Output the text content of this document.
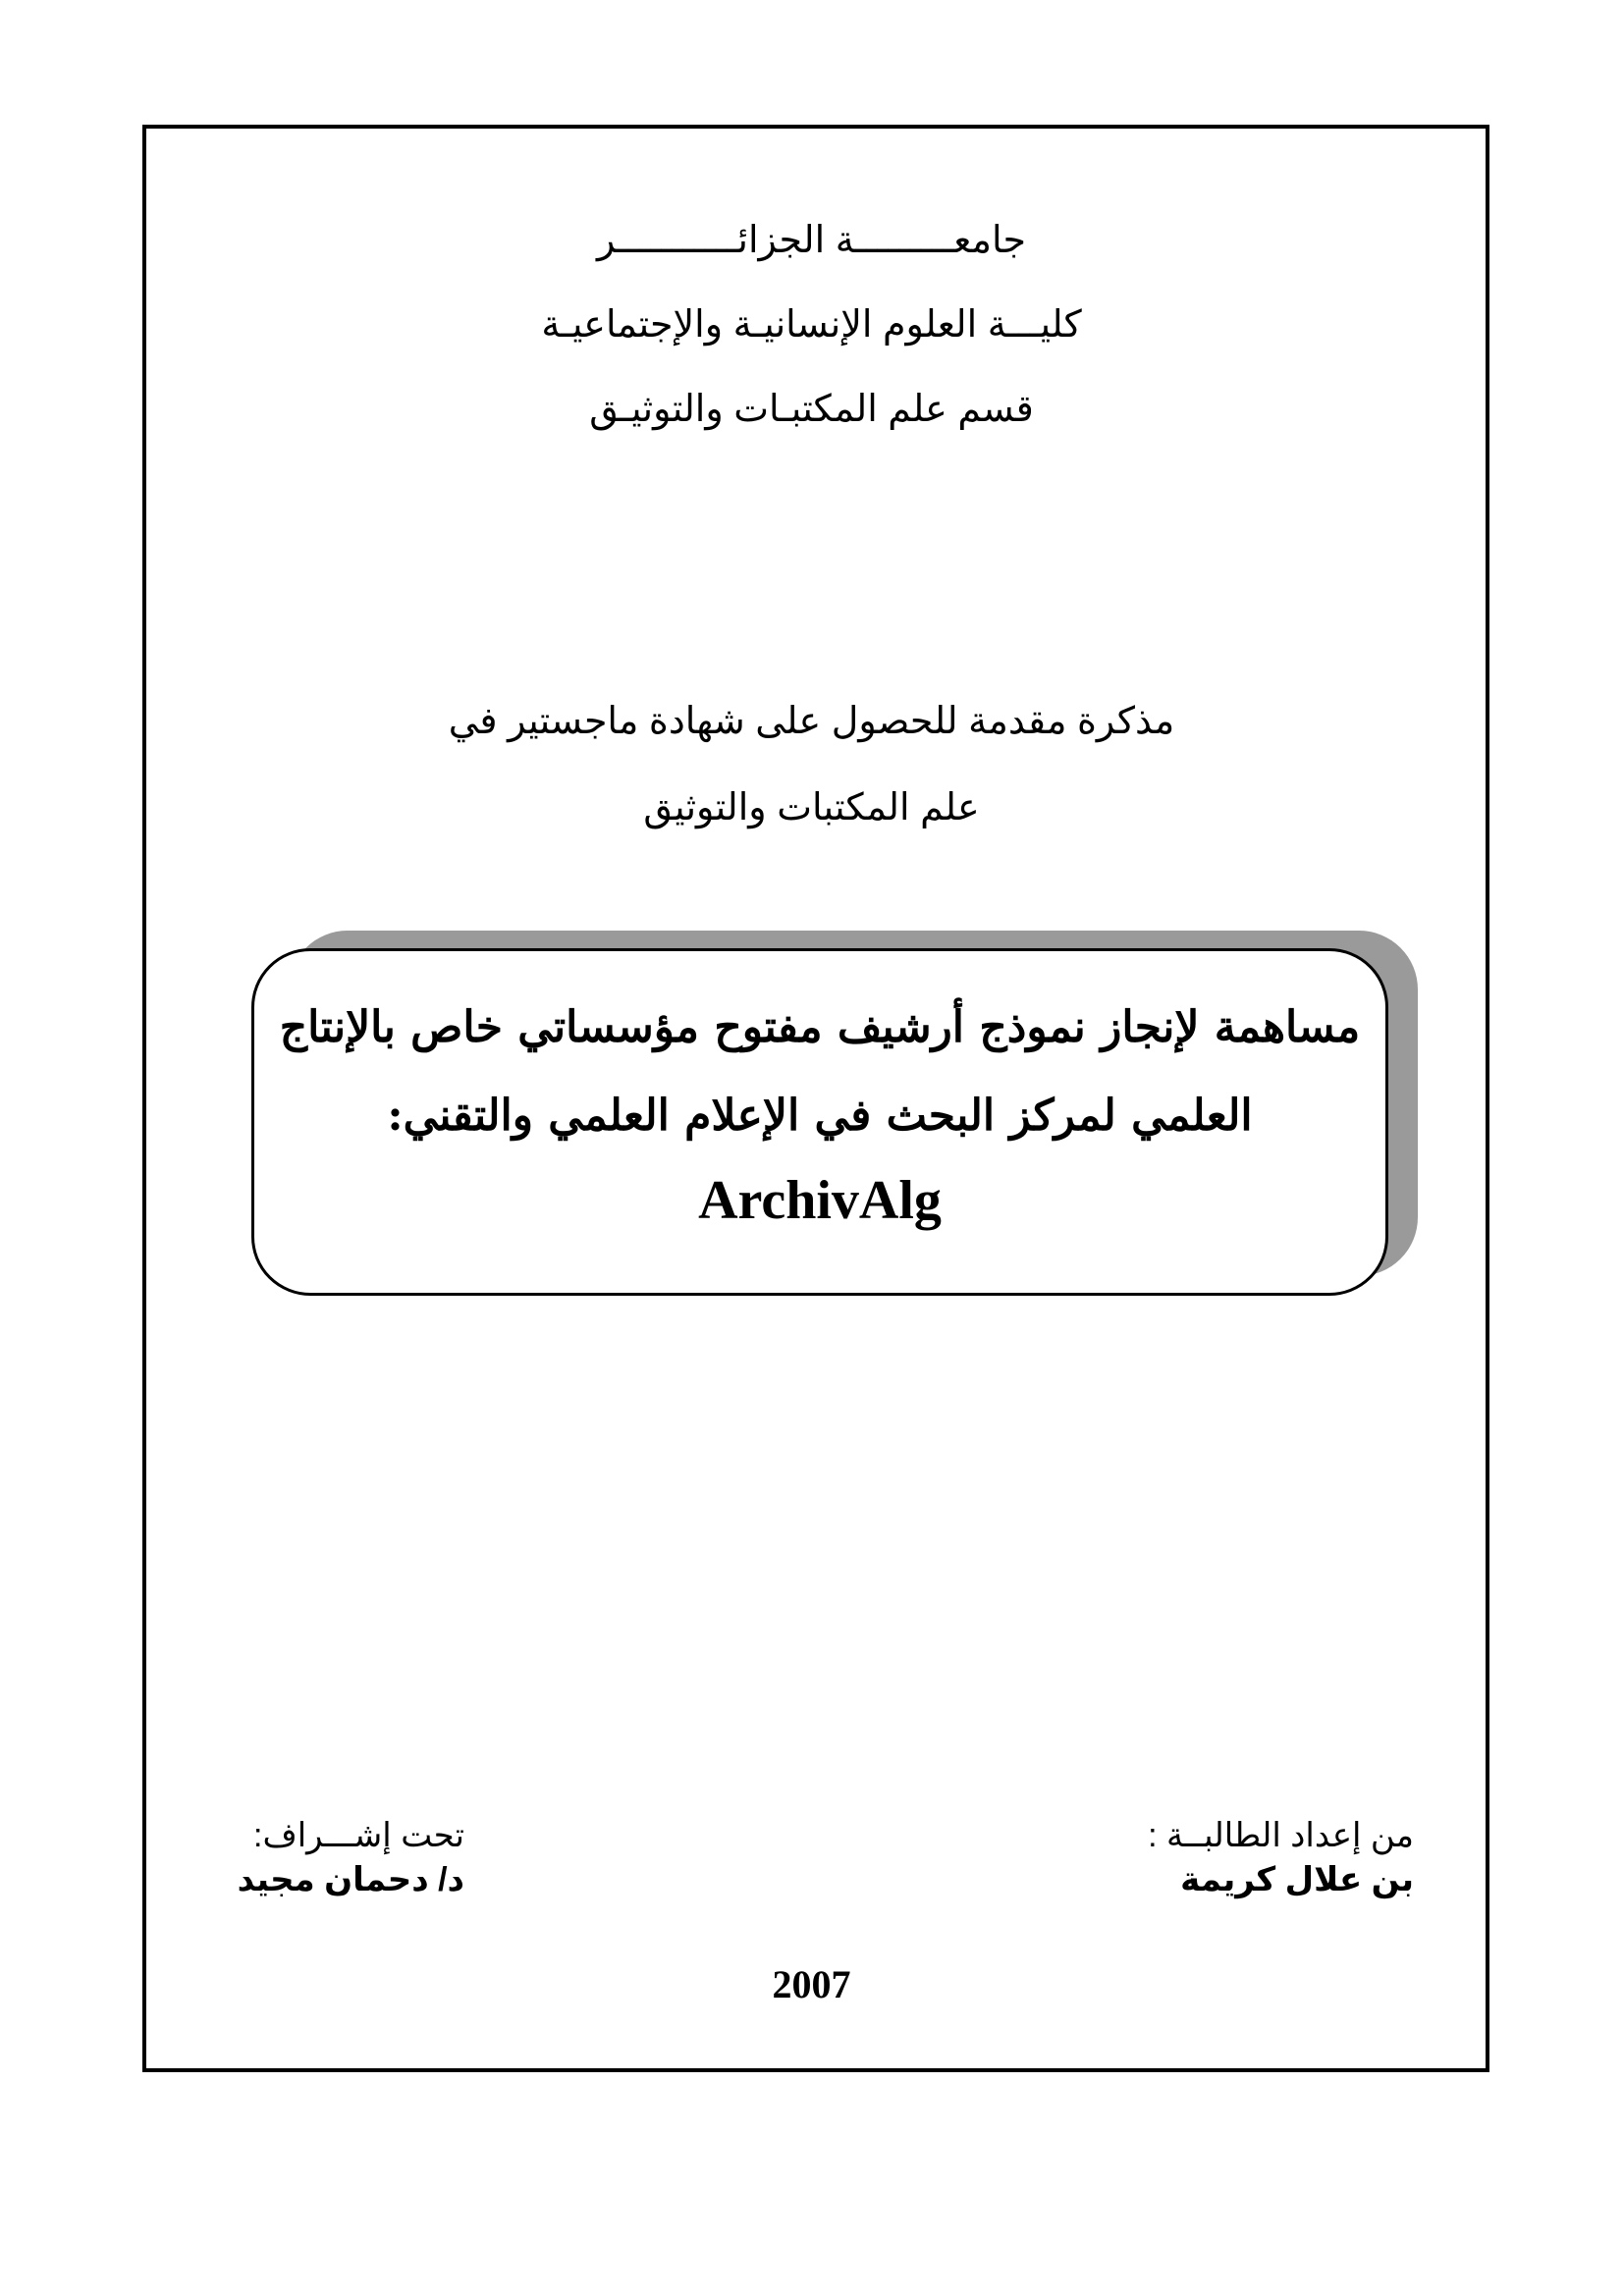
جامعـــــــــة الجزائـــــــــــر
كليـــة العلوم الإنسانيـة والإجتماعيـة
قسم علم المكتبـات والتوثيـق
مذكرة مقدمة للحصول على شهادة ماجستير في
علم المكتبات والتوثيق
مساهمة لإنجاز نموذج أرشيف مفتوح مؤسساتي خاص بالإنتاج
العلمي لمركز البحث في الإعلام العلمي والتقني:
ArchivAlg
من إعداد الطالبــة :
بن علال كريمة
تحت إشـــراف:
د/ دحمان مجيد
2007
